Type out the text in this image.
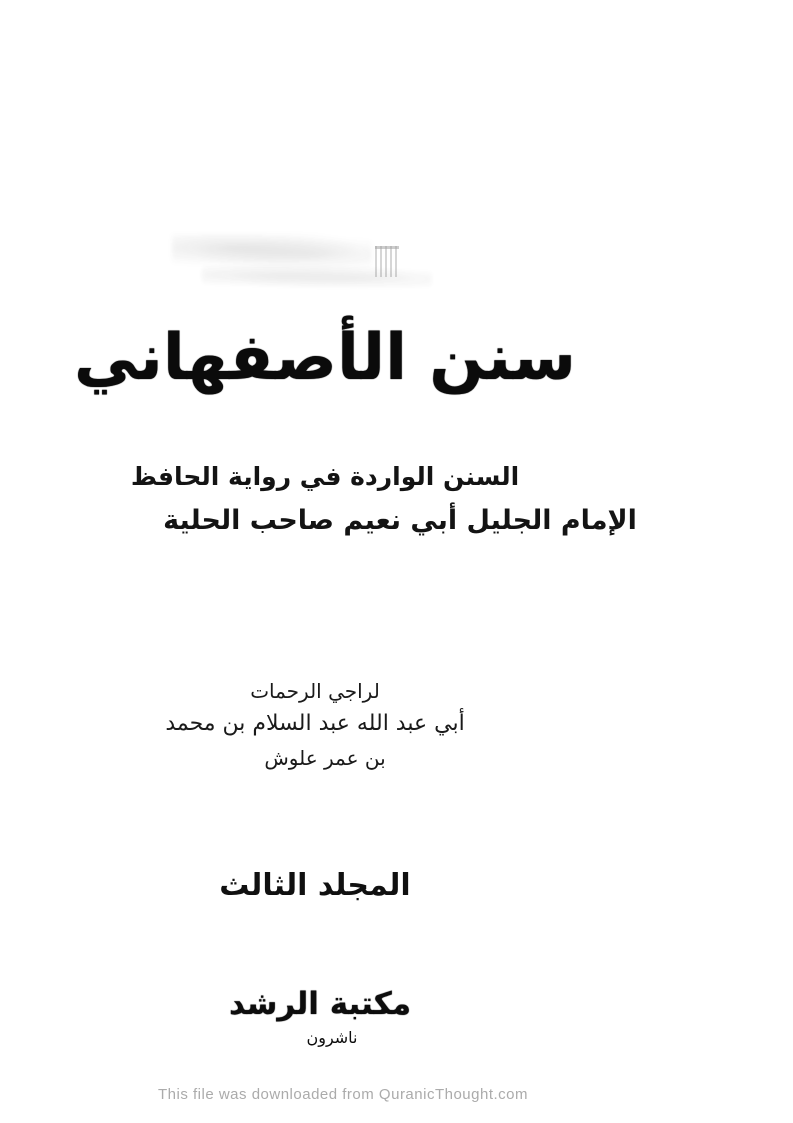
سنن الأصفهاني
السنن الواردة في رواية الحافظ
الإمام الجليل أبي نعيم صاحب الحلية
لراجي الرحمات
أبي عبد الله عبد السلام بن محمد
بن عمر علوش
المجلد الثالث
مكتبة الرشد
ناشرون
This file was downloaded from QuranicThought.com
